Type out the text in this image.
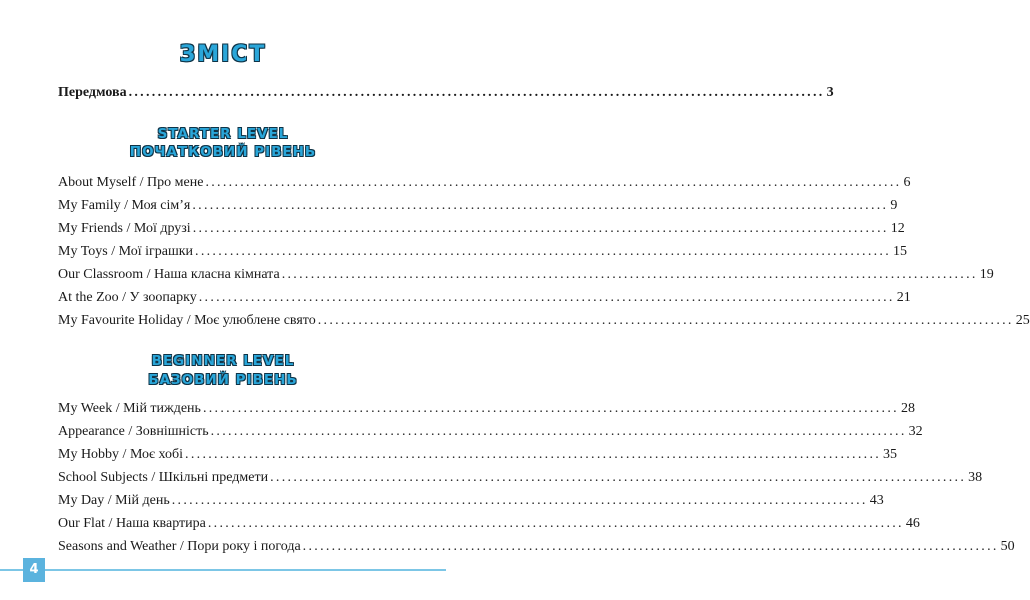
ЗМІСТ
Передмова ........................................................................................................................ 3
STARTER LEVEL
ПОЧАТКОВИЙ РІВЕНЬ
About Myself / Про мене ........................................................................................................................ 6
My Family / Моя сім’я ........................................................................................................................ 9
My Friends / Мої друзі ........................................................................................................................ 12
My Toys / Мої іграшки ........................................................................................................................ 15
Our Classroom / Наша класна кімната ........................................................................................................................ 19
At the Zoo / У зоопарку ........................................................................................................................ 21
My Favourite Holiday / Моє улюблене свято ........................................................................................................................ 25
BEGINNER LEVEL
БАЗОВИЙ РІВЕНЬ
My Week / Мій тиждень ........................................................................................................................ 28
Appearance / Зовнішність ........................................................................................................................ 32
My Hobby / Моє хобі ........................................................................................................................ 35
School Subjects / Шкільні предмети ........................................................................................................................ 38
My Day / Мій день ........................................................................................................................ 43
Our Flat / Наша квартира ........................................................................................................................ 46
Seasons and Weather / Пори року і погода ........................................................................................................................ 50
4
